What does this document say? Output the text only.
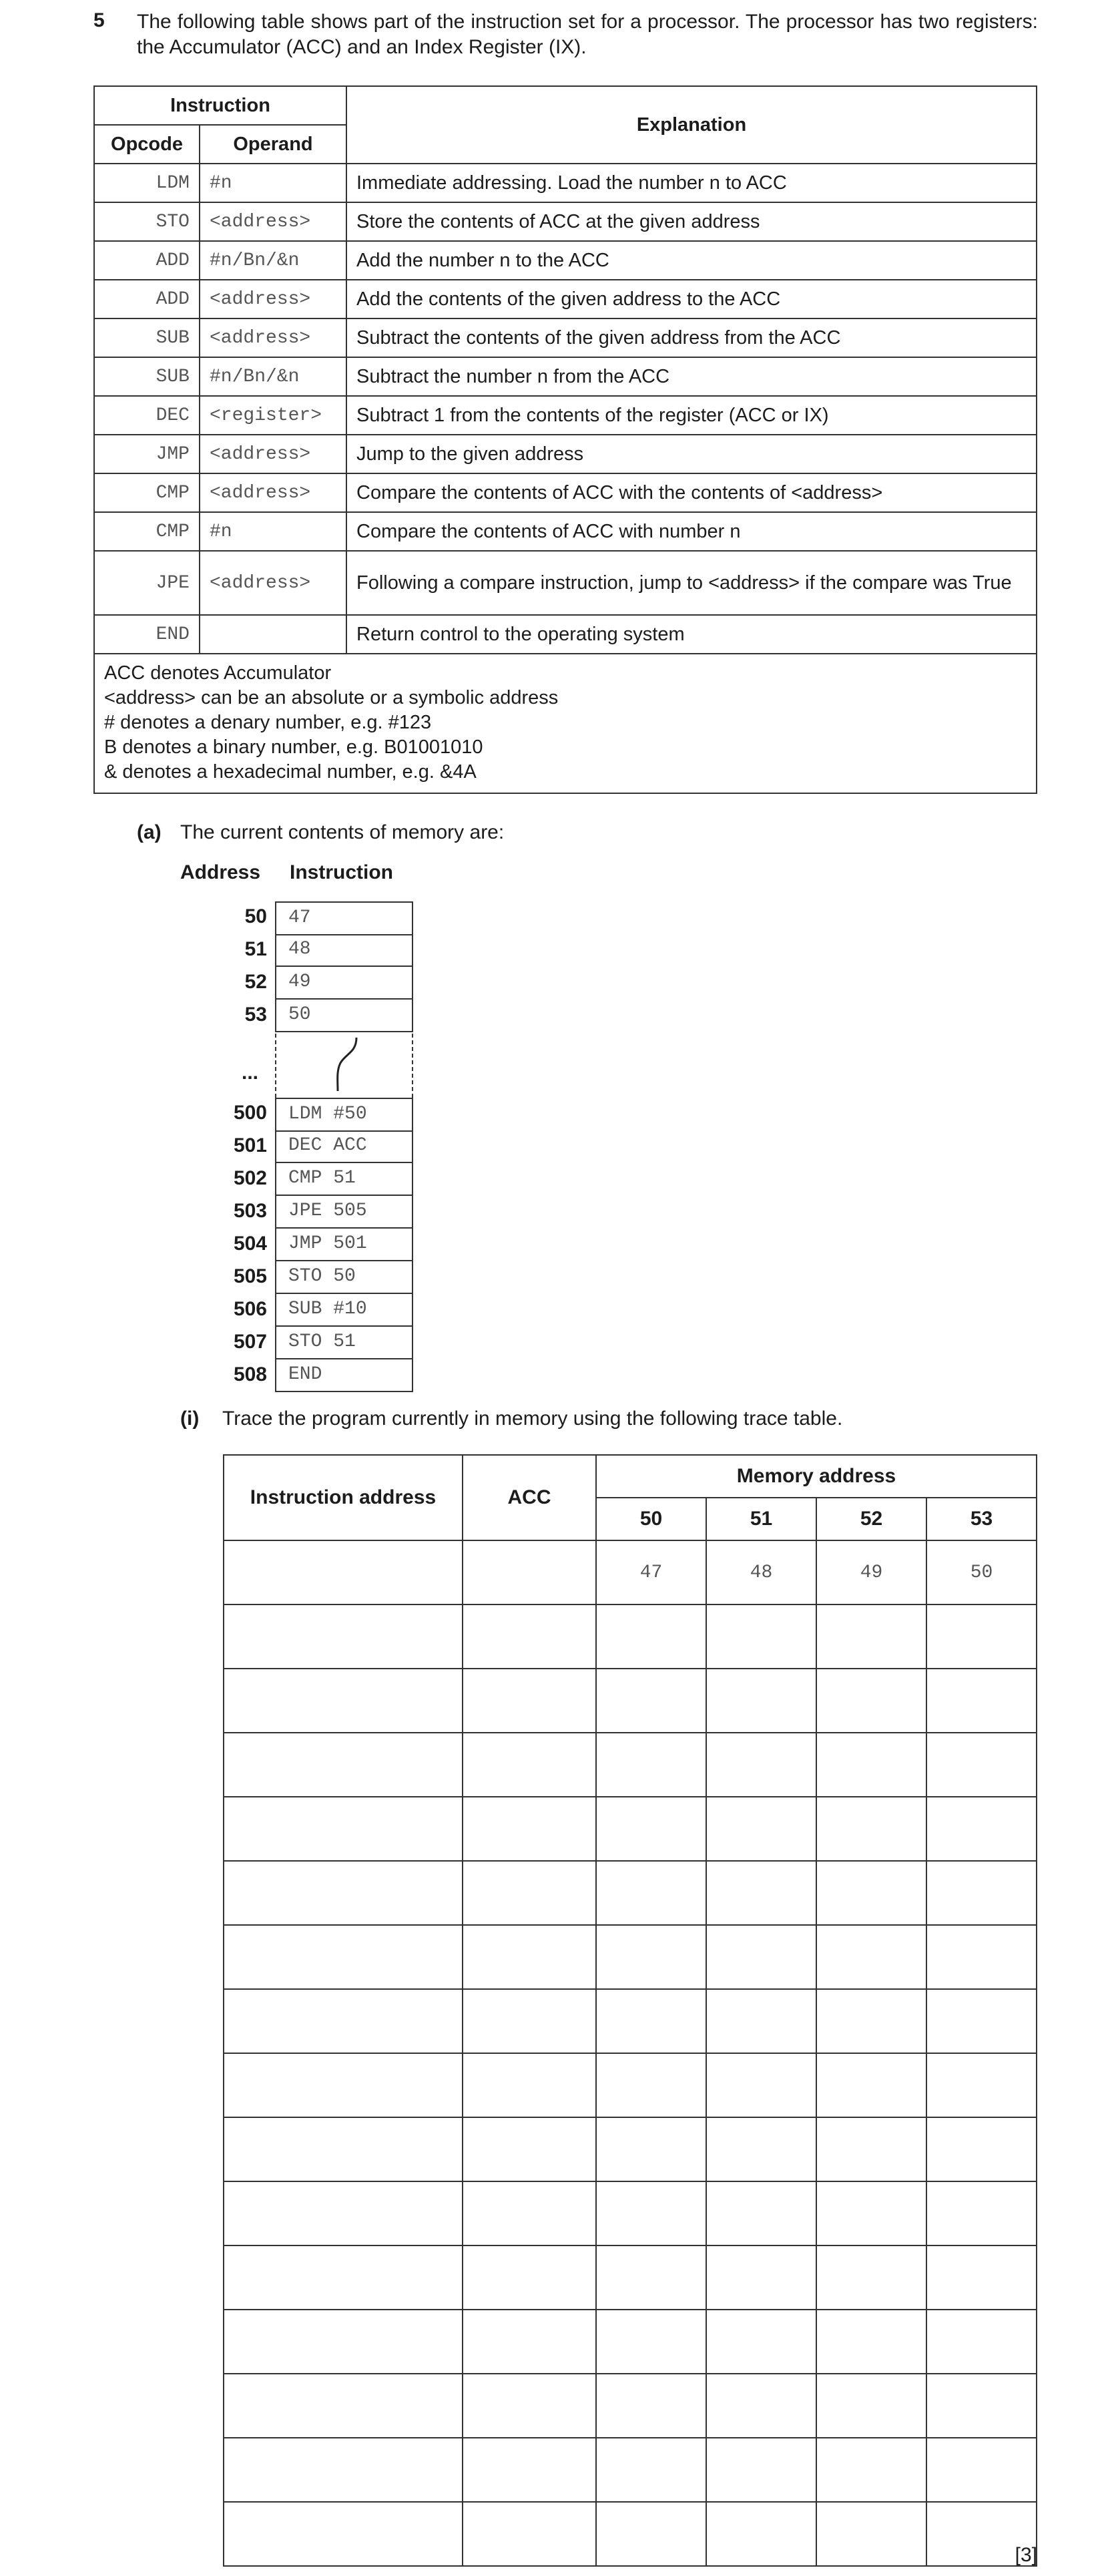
5 The following table shows part of the instruction set for a processor. The processor has two registers: the Accumulator (ACC) and an Index Register (IX).
Instruction		Explanation
Opcode	Operand	
LDM	#n	Immediate addressing. Load the number n to ACC
STO	<address>	Store the contents of ACC at the given address
ADD	#n/Bn/&n	Add the number n to the ACC
ADD	<address>	Add the contents of the given address to the ACC
SUB	<address>	Subtract the contents of the given address from the ACC
SUB	#n/Bn/&n	Subtract the number n from the ACC
DEC	<register>	Subtract 1 from the contents of the register (ACC or IX)
JMP	<address>	Jump to the given address
CMP	<address>	Compare the contents of ACC with the contents of <address>
CMP	#n	Compare the contents of ACC with number n
JPE	<address>	Following a compare instruction, jump to <address> if the compare was True
END		Return control to the operating system

ACC denotes Accumulator
<address> can be an absolute or a symbolic address
# denotes a denary number, e.g. #123
B denotes a binary number, e.g. B01001010
& denotes a hexadecimal number, e.g. &4A		
(a) The current contents of memory are:
Address Instruction
50	47
51	48
52	49
53	50
500	LDM #50
501	DEC ACC
502	CMP 51
503	JPE 505
504	JMP 501
505	STO 50
506	SUB #10
507	STO 51
508	END
...
(i) Trace the program currently in memory using the following trace table.
Instruction address	ACC	Memory address			
		50	51	52	53
		47	48	49	50

[3]
